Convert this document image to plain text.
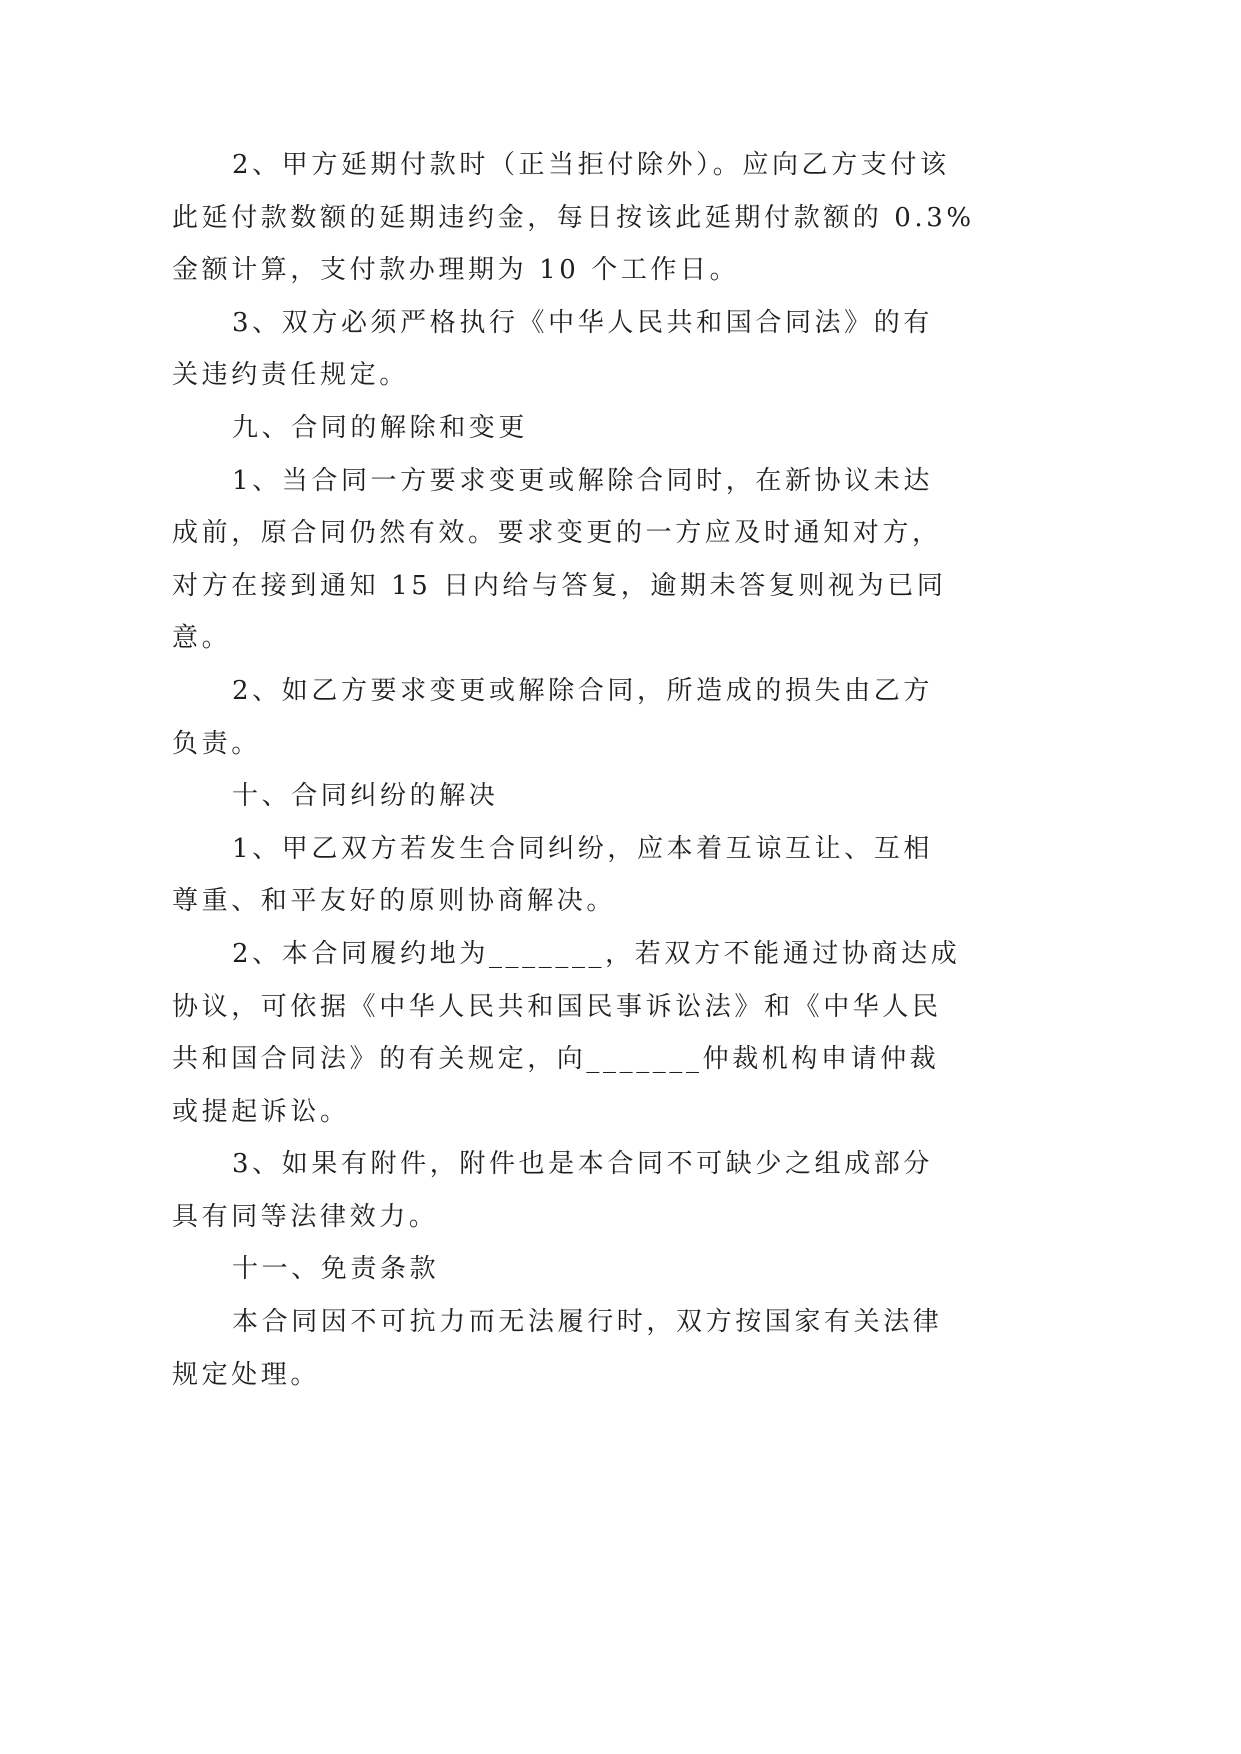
2、甲方延期付款时（正当拒付除外）。应向乙方支付该
此延付款数额的延期违约金，每日按该此延期付款额的 0.3%
金额计算，支付款办理期为 10 个工作日。
3、双方必须严格执行《中华人民共和国合同法》的有
关违约责任规定。
九、合同的解除和变更
1、当合同一方要求变更或解除合同时，在新协议未达
成前，原合同仍然有效。要求变更的一方应及时通知对方，
对方在接到通知 15 日内给与答复，逾期未答复则视为已同
意。
2、如乙方要求变更或解除合同，所造成的损失由乙方
负责。
十、合同纠纷的解决
1、甲乙双方若发生合同纠纷，应本着互谅互让、互相
尊重、和平友好的原则协商解决。
2、本合同履约地为_______，若双方不能通过协商达成
协议，可依据《中华人民共和国民事诉讼法》和《中华人民
共和国合同法》的有关规定，向_______仲裁机构申请仲裁
或提起诉讼。
3、如果有附件，附件也是本合同不可缺少之组成部分
具有同等法律效力。
十一、免责条款
本合同因不可抗力而无法履行时，双方按国家有关法律
规定处理。
